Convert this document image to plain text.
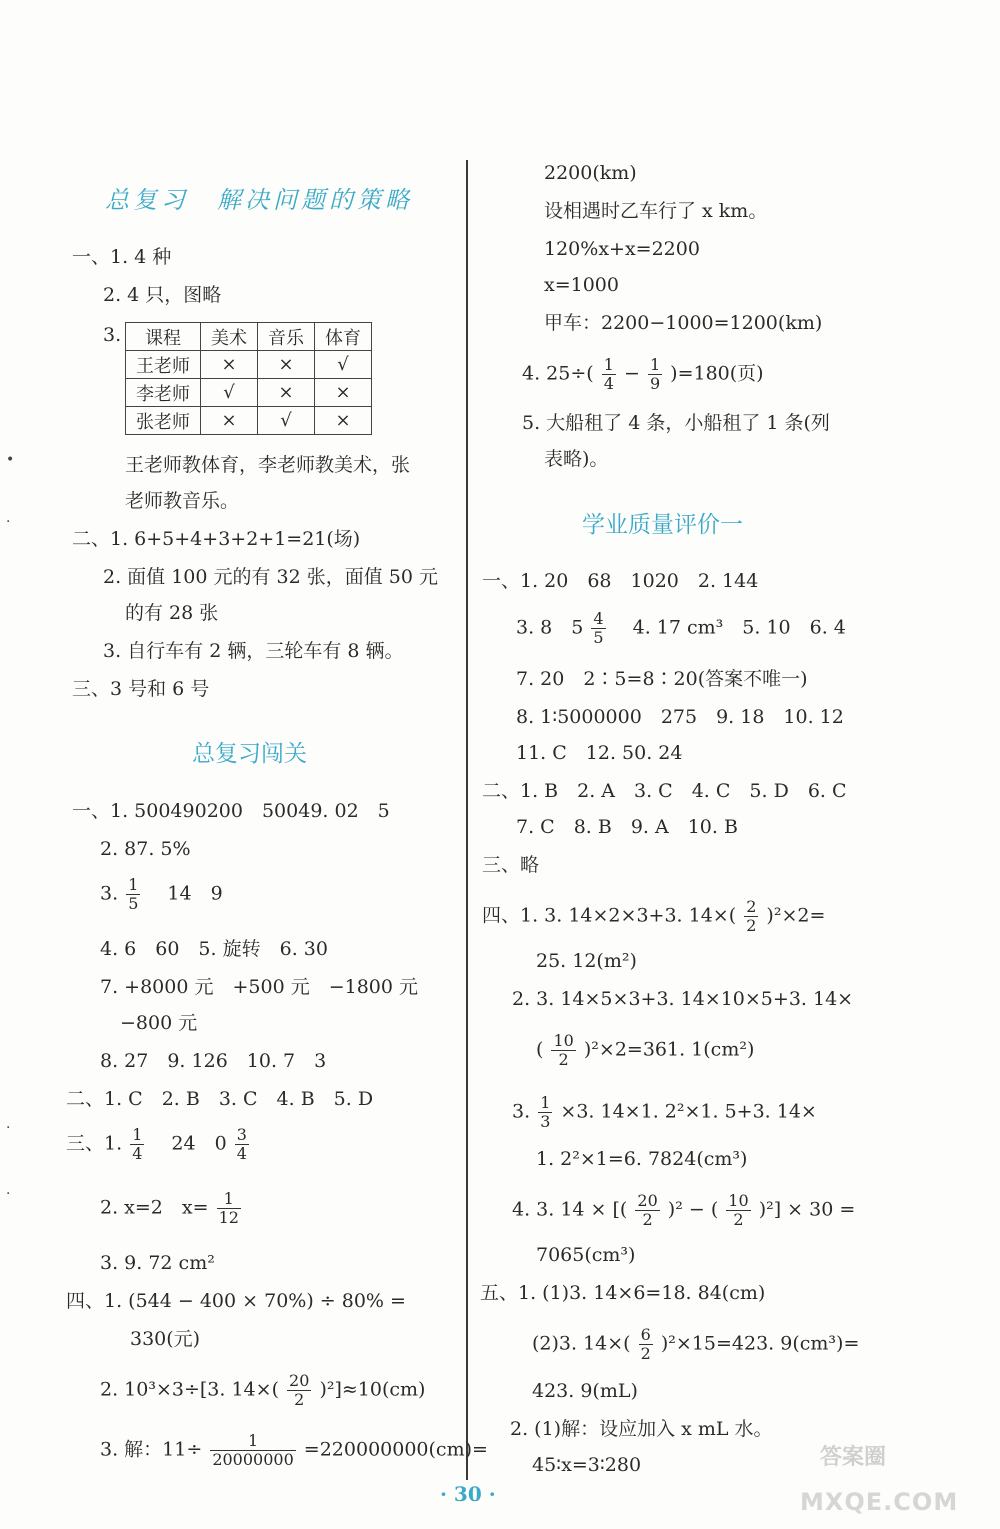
总复习　解决问题的策略
一、1. 4 种
2. 4 只，图略
3. 课程	美术	音乐	体育
王老师	×	×	√
李老师	√	×	×
张老师	×	√	×
王老师教体育，李老师教美术，张
老师教音乐。
二、1. 6+5+4+3+2+1=21(场)
2. 面值 100 元的有 32 张，面值 50 元
的有 28 张
3. 自行车有 2 辆，三轮车有 8 辆。
三、3 号和 6 号
总复习闯关
一、1. 500490200　50049. 02　5
2. 87. 5%
3. $\frac{1}{5}$ 　14　9
4. 6　60　5. 旋转　6. 30
7. +8000 元　+500 元　−1800 元
−800 元
8. 27　9. 126　10. 7　3
二、1. C　2. B　3. C　4. B　5. D
三、1. $\frac{1}{4}$ 　24　$0 \frac{3}{4}$
2. x=2　$x= \frac{1}{12}$
3. 9. 72 cm²
四、1. (544 − 400 × 70%) ÷ 80% =
330(元)
2. 10³×3÷[3. $14\times( \frac{20}{2} )^2]\approx 10(cm)$
3. 解：$11\div \frac{1}{20000000} =220000000(cm)=$
2200(km)
设相遇时乙车行了 x km。
120%x+x=2200
x=1000
甲车：2200−1000=1200(km)
4. $25\div( \frac{1}{4} - \frac{1}{9} )=180$(页)
5. 大船租了 4 条，小船租了 1 条(列
表略)。
学业质量评价一
一、1. 20　68　1020　2. 144
3. 8　$5 \frac{4}{5}$ 　4. 17 cm³　5. 10　6. 4
7. 20　2∶5=8∶20(答案不唯一)
8. 1∶5000000　275　9. 18　10. 12
11. C　12. 50. 24
二、1. B　2. A　3. C　4. C　5. D　6. C
7. C　8. B　9. A　10. B
三、略
四、1. 3. 14×2×3+3. $14\times( \frac{2}{2} )^2\times 2=$
25. 12(m²)
2. 3. 14×5×3+3. 14×10×5+3. 14×
( $\frac{10}{2} )^2\times 2=361$. 1(cm²)
3. $\frac{1}{3} \times 3$. 14×1. 2²×1. 5+3. 14×
1. 2²×1=6. 7824(cm³)
4. 3. 14 × [( $\frac{20}{2} )^2$ − ( $\frac{10}{2} )^2] \times 30$ =
7065(cm³)
五、1. (1)3. 14×6=18. 84(cm)
(2)3. $14\times( \frac{6}{2} )^2\times 15=423$. 9(cm³)=
423. 9(mL)
2. (1)解：设应加入 x mL 水。
45∶x=3∶280
· 30 ·
答案圈
MXQE.COM
•
·
·
·
